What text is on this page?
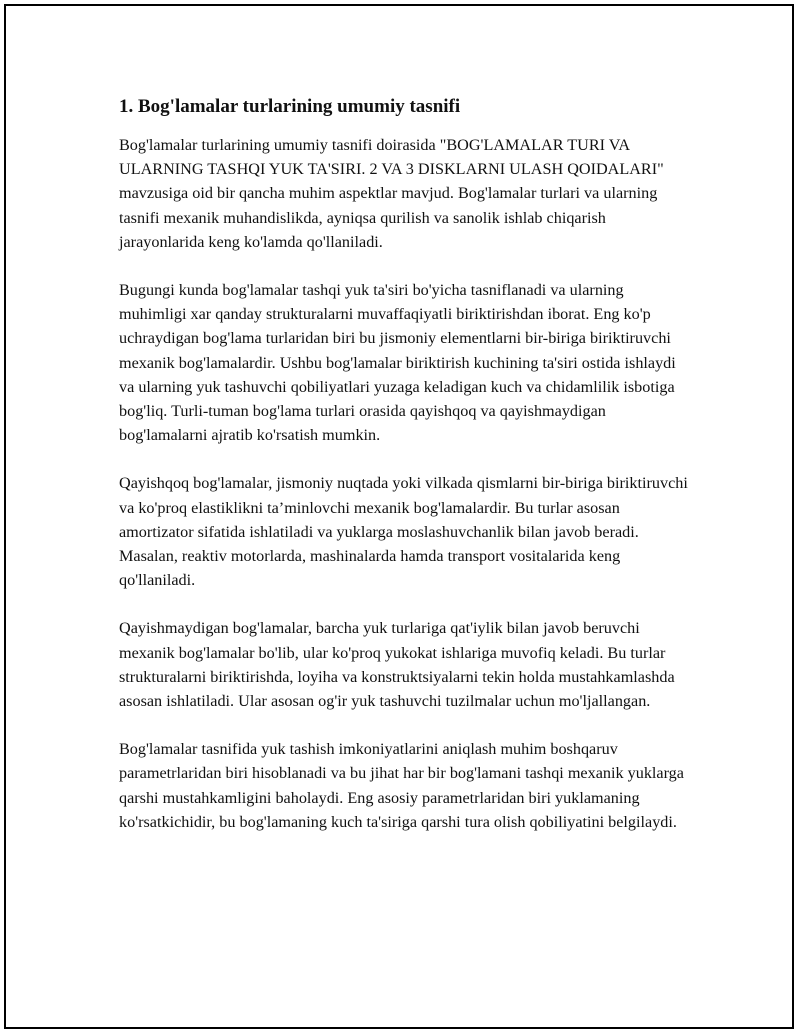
1. Bog'lamalar turlarining umumiy tasnifi

Bog'lamalar turlarining umumiy tasnifi doirasida "BOG'LAMALAR TURI VA ULARNING TASHQI YUK TA'SIRI. 2 VA 3 DISKLARNI ULASH QOIDALARI" mavzusiga oid bir qancha muhim aspektlar mavjud. Bog'lamalar turlari va ularning tasnifi mexanik muhandislikda, ayniqsa qurilish va sanolik ishlab chiqarish jarayonlarida keng ko'lamda qo'llaniladi.

Bugungi kunda bog'lamalar tashqi yuk ta'siri bo'yicha tasniflanadi va ularning muhimligi xar qanday strukturalarni muvaffaqiyatli biriktirishdan iborat. Eng ko'p uchraydigan bog'lama turlaridan biri bu jismoniy elementlarni bir-biriga biriktiruvchi mexanik bog'lamalardir. Ushbu bog'lamalar biriktirish kuchining ta'siri ostida ishlaydi va ularning yuk tashuvchi qobiliyatlari yuzaga keladigan kuch va chidamlilik isbotiga bog'liq. Turli-tuman bog'lama turlari orasida qayishqoq va qayishmaydigan bog'lamalarni ajratib ko'rsatish mumkin.

Qayishqoq bog'lamalar, jismoniy nuqtada yoki vilkada qismlarni bir-biriga biriktiruvchi va ko'proq elastiklikni ta’minlovchi mexanik bog'lamalardir. Bu turlar asosan amortizator sifatida ishlatiladi va yuklarga moslashuvchanlik bilan javob beradi. Masalan, reaktiv motorlarda, mashinalarda hamda transport vositalarida keng qo'llaniladi.

Qayishmaydigan bog'lamalar, barcha yuk turlariga qat'iylik bilan javob beruvchi mexanik bog'lamalar bo'lib, ular ko'proq yukokat ishlariga muvofiq keladi. Bu turlar strukturalarni biriktirishda, loyiha va konstruktsiyalarni tekin holda mustahkamlashda asosan ishlatiladi. Ular asosan og'ir yuk tashuvchi tuzilmalar uchun mo'ljallangan.

Bog'lamalar tasnifida yuk tashish imkoniyatlarini aniqlash muhim boshqaruv parametrlaridan biri hisoblanadi va bu jihat har bir bog'lamani tashqi mexanik yuklarga qarshi mustahkamligini baholaydi. Eng asosiy parametrlaridan biri yuklamaning ko'rsatkichidir, bu bog'lamaning kuch ta'siriga qarshi tura olish qobiliyatini belgilaydi.
